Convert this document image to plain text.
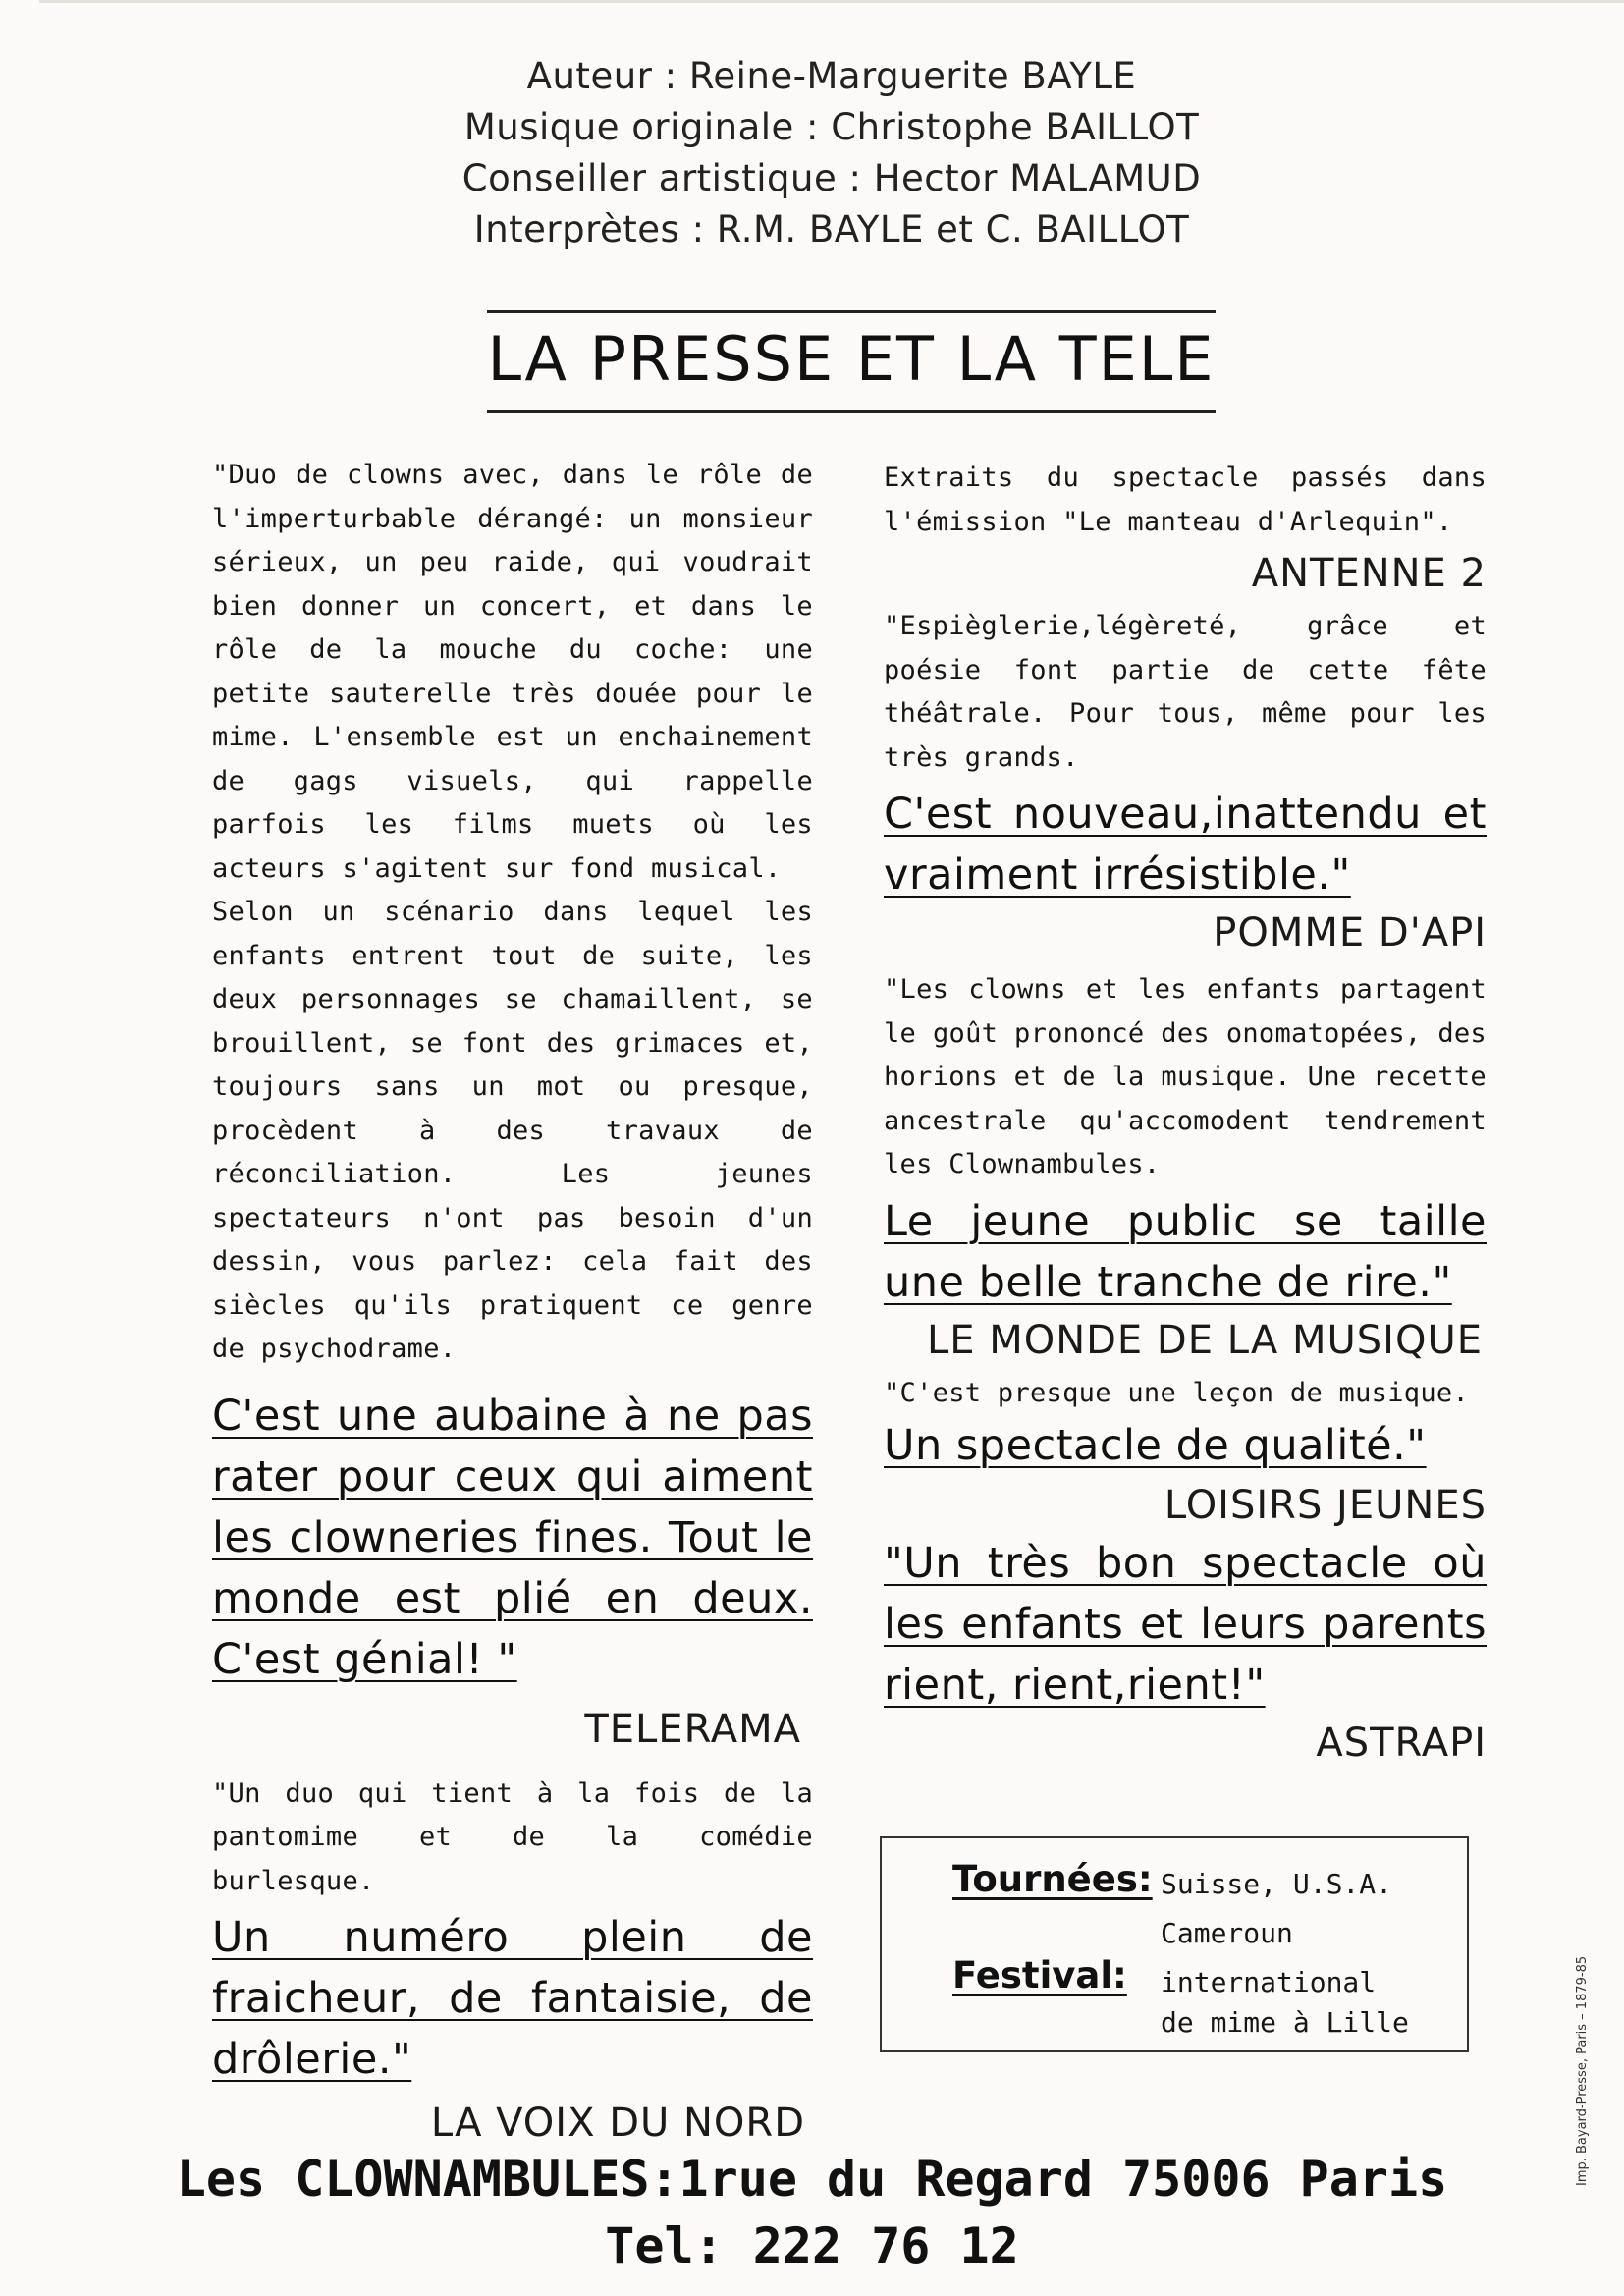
Auteur : Reine-Marguerite BAYLE
Musique originale : Christophe BAILLOT
Conseiller artistique : Hector MALAMUD
Interprètes : R.M. BAYLE et C. BAILLOT
LA PRESSE ET LA TELE

"Duo de clowns avec, dans le rôle de l'imperturbable dérangé: un monsieur sérieux, un peu raide, qui voudrait bien donner un concert, et dans le rôle de la mouche du coche: une petite sauterelle très douée pour le mime. L'ensemble est un enchainement de gags visuels, qui rappelle parfois les films muets où les acteurs s'agitent sur fond musical.

Selon un scénario dans lequel les enfants entrent tout de suite, les deux personnages se chamaillent, se brouillent, se font des grimaces et, toujours sans un mot ou presque, procèdent à des travaux de réconciliation. Les jeunes spectateurs n'ont pas besoin d'un dessin, vous parlez: cela fait des siècles qu'ils pratiquent ce genre de psychodrame.

C'est une aubaine à ne pas rater pour ceux qui aiment les clowneries fines. Tout le monde est plié en deux. C'est génial! "

TELERAMA

"Un duo qui tient à la fois de la pantomime et de la comédie burlesque.

Un numéro plein de fraicheur, de fantaisie, de drôlerie."

LA VOIX DU NORD

Extraits du spectacle passés dans l'émission "Le manteau d'Arlequin".

ANTENNE 2

"Espièglerie,légèreté, grâce et poésie font partie de cette fête théâtrale. Pour tous, même pour les très grands.

C'est nouveau,inattendu et vraiment irrésistible."

POMME D'API

"Les clowns et les enfants partagent le goût prononcé des onomatopées, des horions et de la musique. Une recette ancestrale qu'accomodent tendrement les Clownambules.

Le jeune public se taille une belle tranche de rire."

LE MONDE DE LA MUSIQUE

"C'est presque une leçon de musique.

Un spectacle de qualité."

LOISIRS JEUNES

"Un très bon spectacle où les enfants et leurs parents rient, rient,rient!"

ASTRAPI

Tournées: Suisse, U.S.A.
Cameroun
Festival: international
de mime à Lille
Les CLOWNAMBULES:1rue du Regard 75006 Paris
Tel: 222 76 12
Imp. Bayard-Presse, Paris – 1879-85
